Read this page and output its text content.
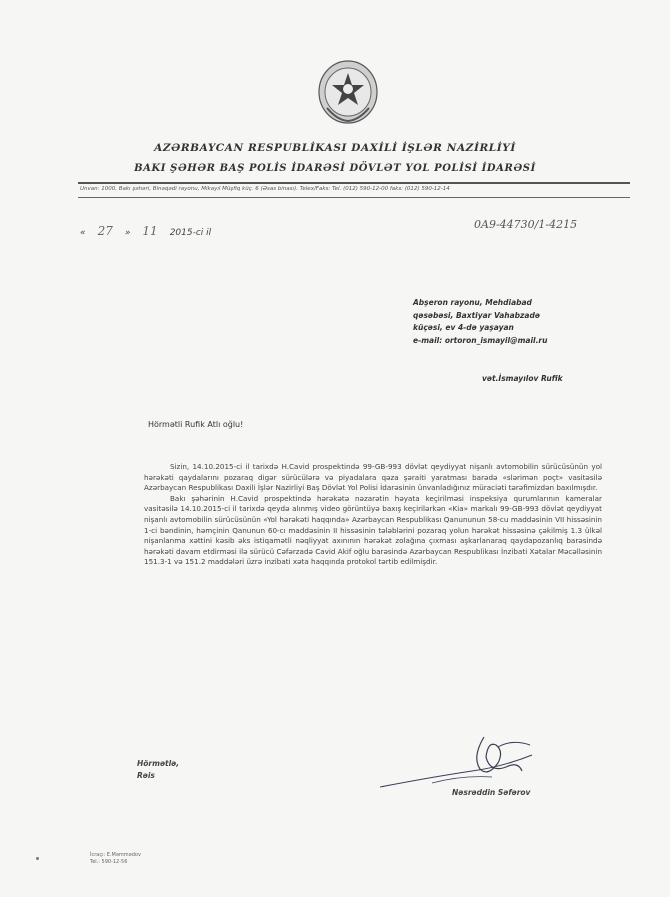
AZƏRBAYCAN RESPUBLİKASI DAXİLİ İŞLƏR NAZİRLİYİ
BAKI ŞƏHƏR BAŞ POLİS İDARƏSİ DÖVLƏT YOL POLİSİ İDARƏSİ
Ünvan: 1000, Bakı şəhəri, Binəqədi rayonu, Mikayıl Müşfiq küç. 6 (Əsas binası). Telex/Faks: Tel. (012) 590-12-00 faks: (012) 590-12-14
« 27 » 11 2015-ci il
0A9-44730/1-4215
Abşeron rayonu, Mehdiabad
qəsəbəsi, Baxtiyar Vahabzadə
küçəsi, ev 4-də yaşayan
e-mail: ortoron_ismayil@mail.ru
vət.İsmayılov Rufik
Hörmətli Rufik Atlı oğlu!

Sizin, 14.10.2015-ci il tarixdə H.Cavid prospektində 99-GB-993 dövlət qeydiyyat nişanlı avtomobilin sürücüsünün yol hərəkəti qaydalarını pozaraq digər sürücülərə və piyadalara qəza şəraiti yaratması barədə «slərimən poçt» vasitəsilə Azərbaycan Respublikası Daxili İşlər Nazirliyi Baş Dövlət Yol Polisi İdarəsinin ünvanladığınız müraciəti tərəfimizdən baxılmışdır.

Bakı şəhərinin H.Cavid prospektində hərəkətə nəzarətin həyata keçirilməsi inspeksiya qurumlarının kameralar vasitəsilə 14.10.2015-ci il tarixdə qeydə alınmış video görüntüyə baxış keçirilərkən «Kia» markalı 99-GB-993 dövlət qeydiyyat nişanlı avtomobilin sürücüsünün «Yol hərəkəti haqqında» Azərbaycan Respublikası Qanununun 58-cu maddəsinin VII hissəsinin 1-ci bəndinin, həmçinin Qanunun 60-cı maddəsinin II hissəsinin tələblərini pozaraq yolun hərəkət hissəsinə çəkilmiş 1.3 ülkəl nişanlanma xəttini kəsib əks istiqamətli nəqliyyat axınının hərəkət zolağına çıxması aşkarlanaraq qaydapozanlıq barəsində hərəkəti davam etdirməsi ilə sürücü Cəfərzadə Cavid Akif oğlu barəsində Azərbaycan Respublikası İnzibati Xətalar Məcəlləsinin 151.3-1 və 151.2 maddələri üzrə inzibati xəta haqqında protokol tərtib edilmişdir.

Hörmətlə,
Rəis
Nəsrəddin Səfərov
İcraçı: E.Məmmədov
Tel.: 590-12-56
